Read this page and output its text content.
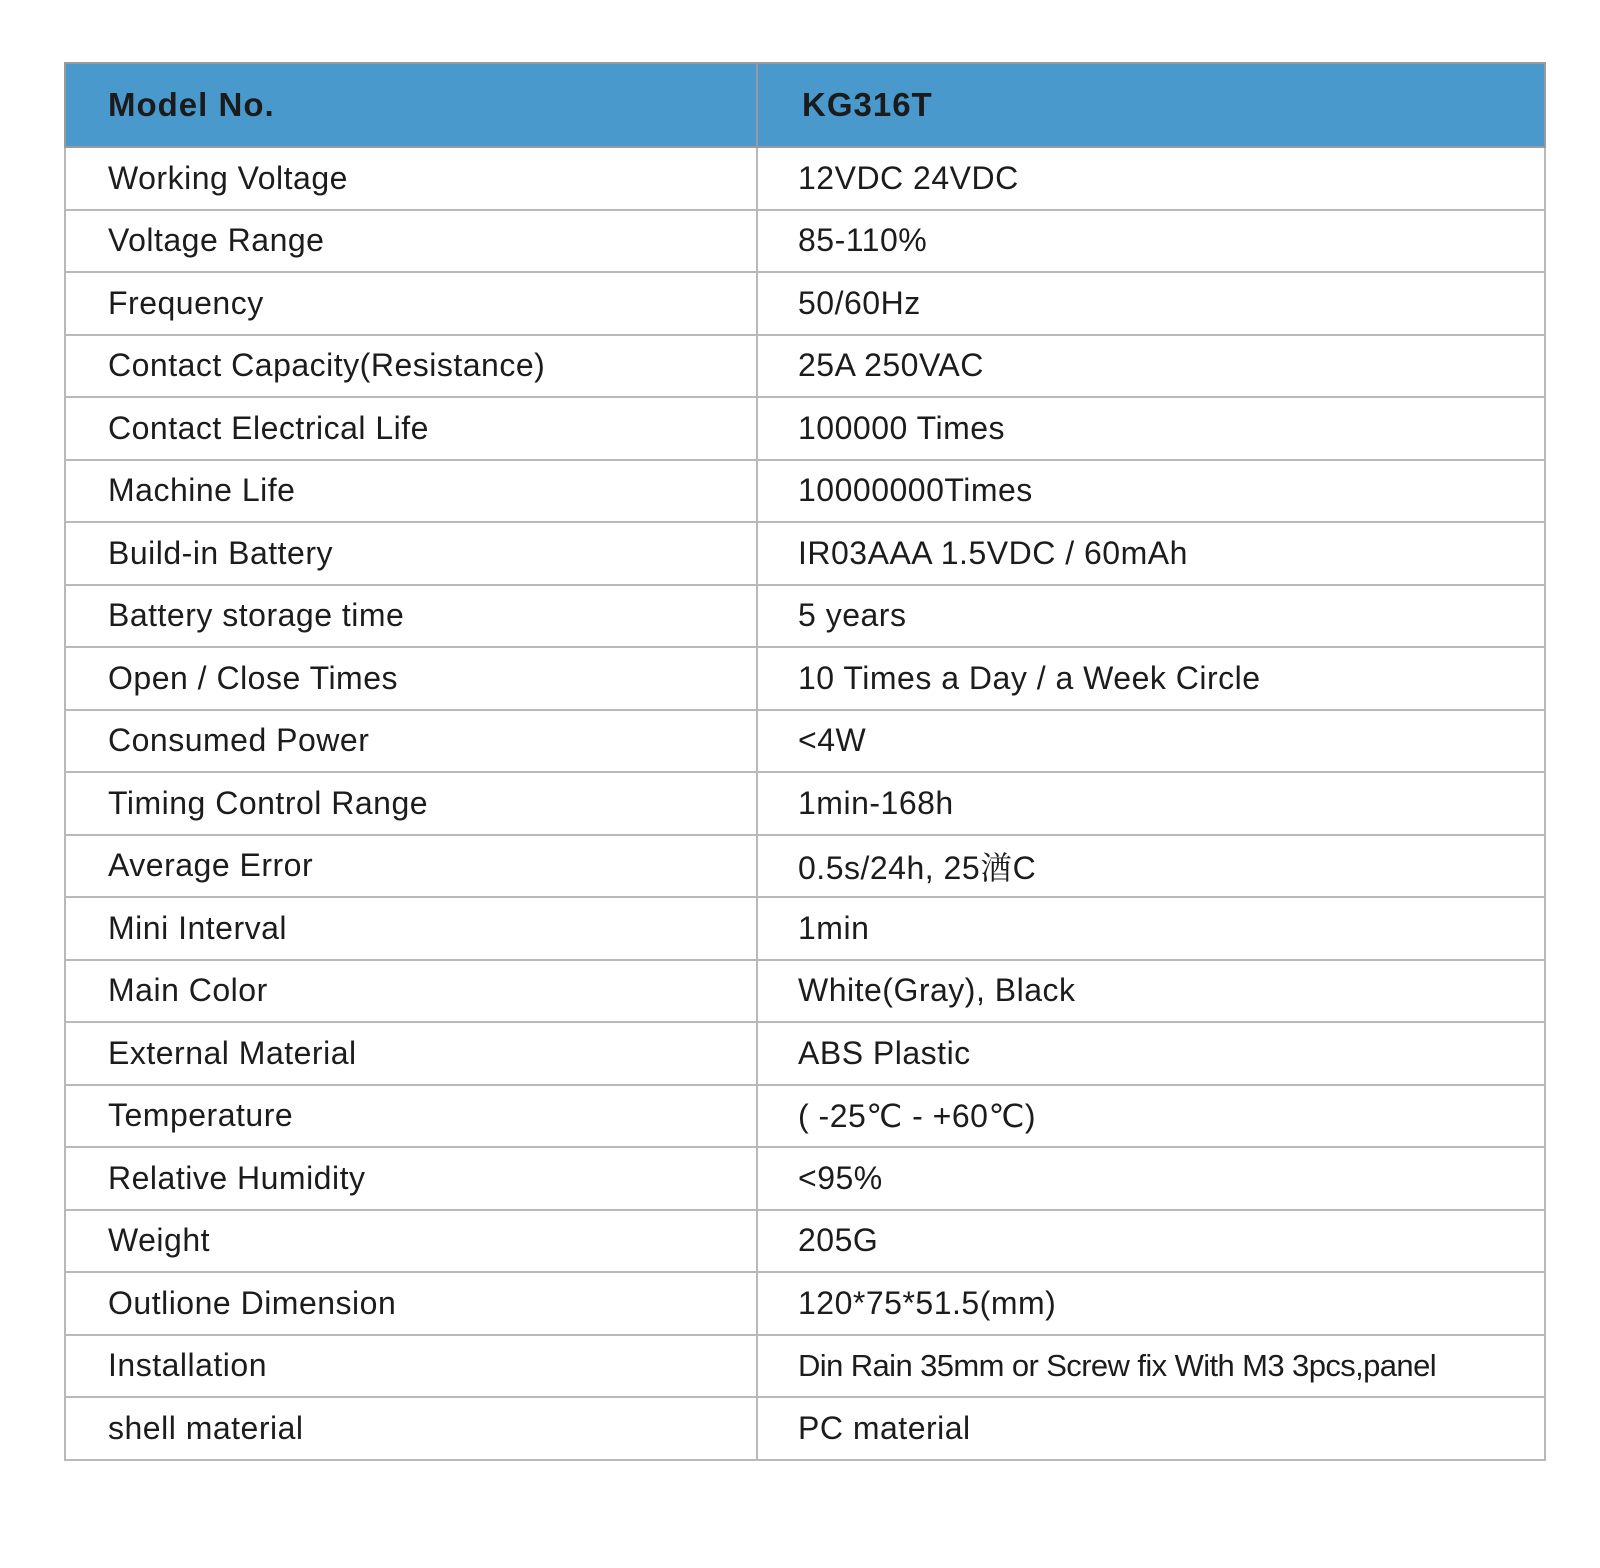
Model No.	KG316T
Working Voltage	12VDC 24VDC
Voltage Range	85-110%
Frequency	50/60Hz
Contact Capacity(Resistance)	25A 250VAC
Contact Electrical Life	100000 Times
Machine Life	10000000Times
Build-in Battery	IR03AAA 1.5VDC / 60mAh
Battery storage time	5 years
Open / Close Times	10 Times a Day / a Week Circle
Consumed Power	<4W
Timing Control Range	1min-168h
Average Error	0.5s/24h, 25湭C
Mini Interval	1min
Main Color	White(Gray), Black
External Material	ABS Plastic
Temperature	( -25℃ - +60℃)
Relative Humidity	<95%
Weight	205G
Outlione Dimension	120*75*51.5(mm)
Installation	Din Rain 35mm or Screw fix With M3 3pcs,panel
shell material	PC material
